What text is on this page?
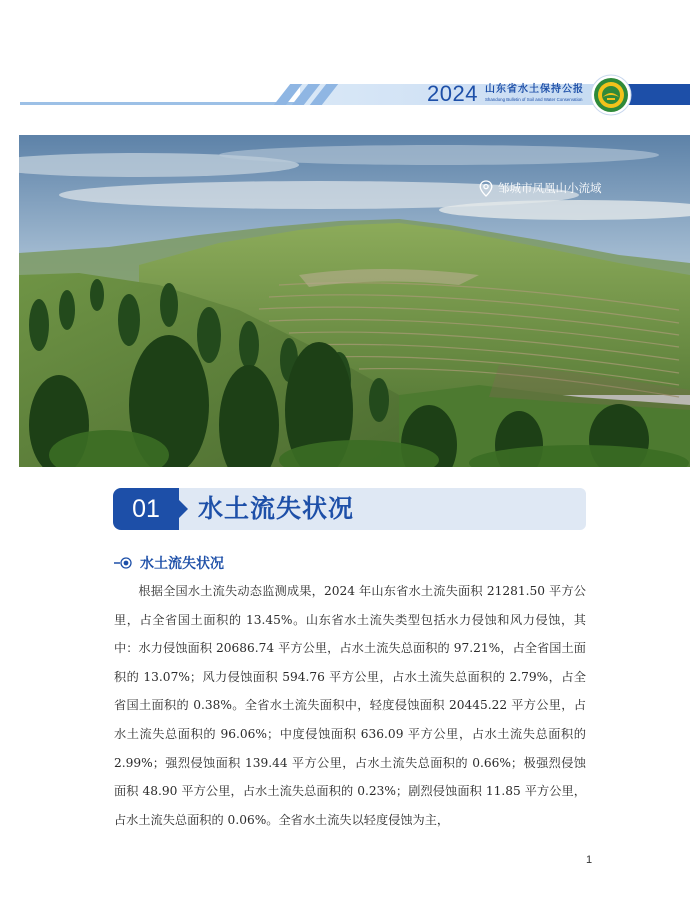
2024 山东省水土保持公报
Shandong Bulletin of Soil and Water Conservation
邹城市凤凰山小流域
01	水土流失状况
水土流失状况

根据全国水土流失动态监测成果，2024 年山东省水土流失面积 21281.50 平方公里，占全省国土面积的 13.45%。山东省水土流失类型包括水力侵蚀和风力侵蚀，其中：水力侵蚀面积 20686.74 平方公里，占水土流失总面积的 97.21%，占全省国土面积的 13.07%；风力侵蚀面积 594.76 平方公里，占水土流失总面积的 2.79%，占全省国土面积的 0.38%。全省水土流失面积中，轻度侵蚀面积 20445.22 平方公里，占水土流失总面积的 96.06%；中度侵蚀面积 636.09 平方公里，占水土流失总面积的 2.99%；强烈侵蚀面积 139.44 平方公里，占水土流失总面积的 0.66%；极强烈侵蚀面积 48.90 平方公里，占水土流失总面积的 0.23%；剧烈侵蚀面积 11.85 平方公里，占水土流失总面积的 0.06%。全省水土流失以轻度侵蚀为主，

1
